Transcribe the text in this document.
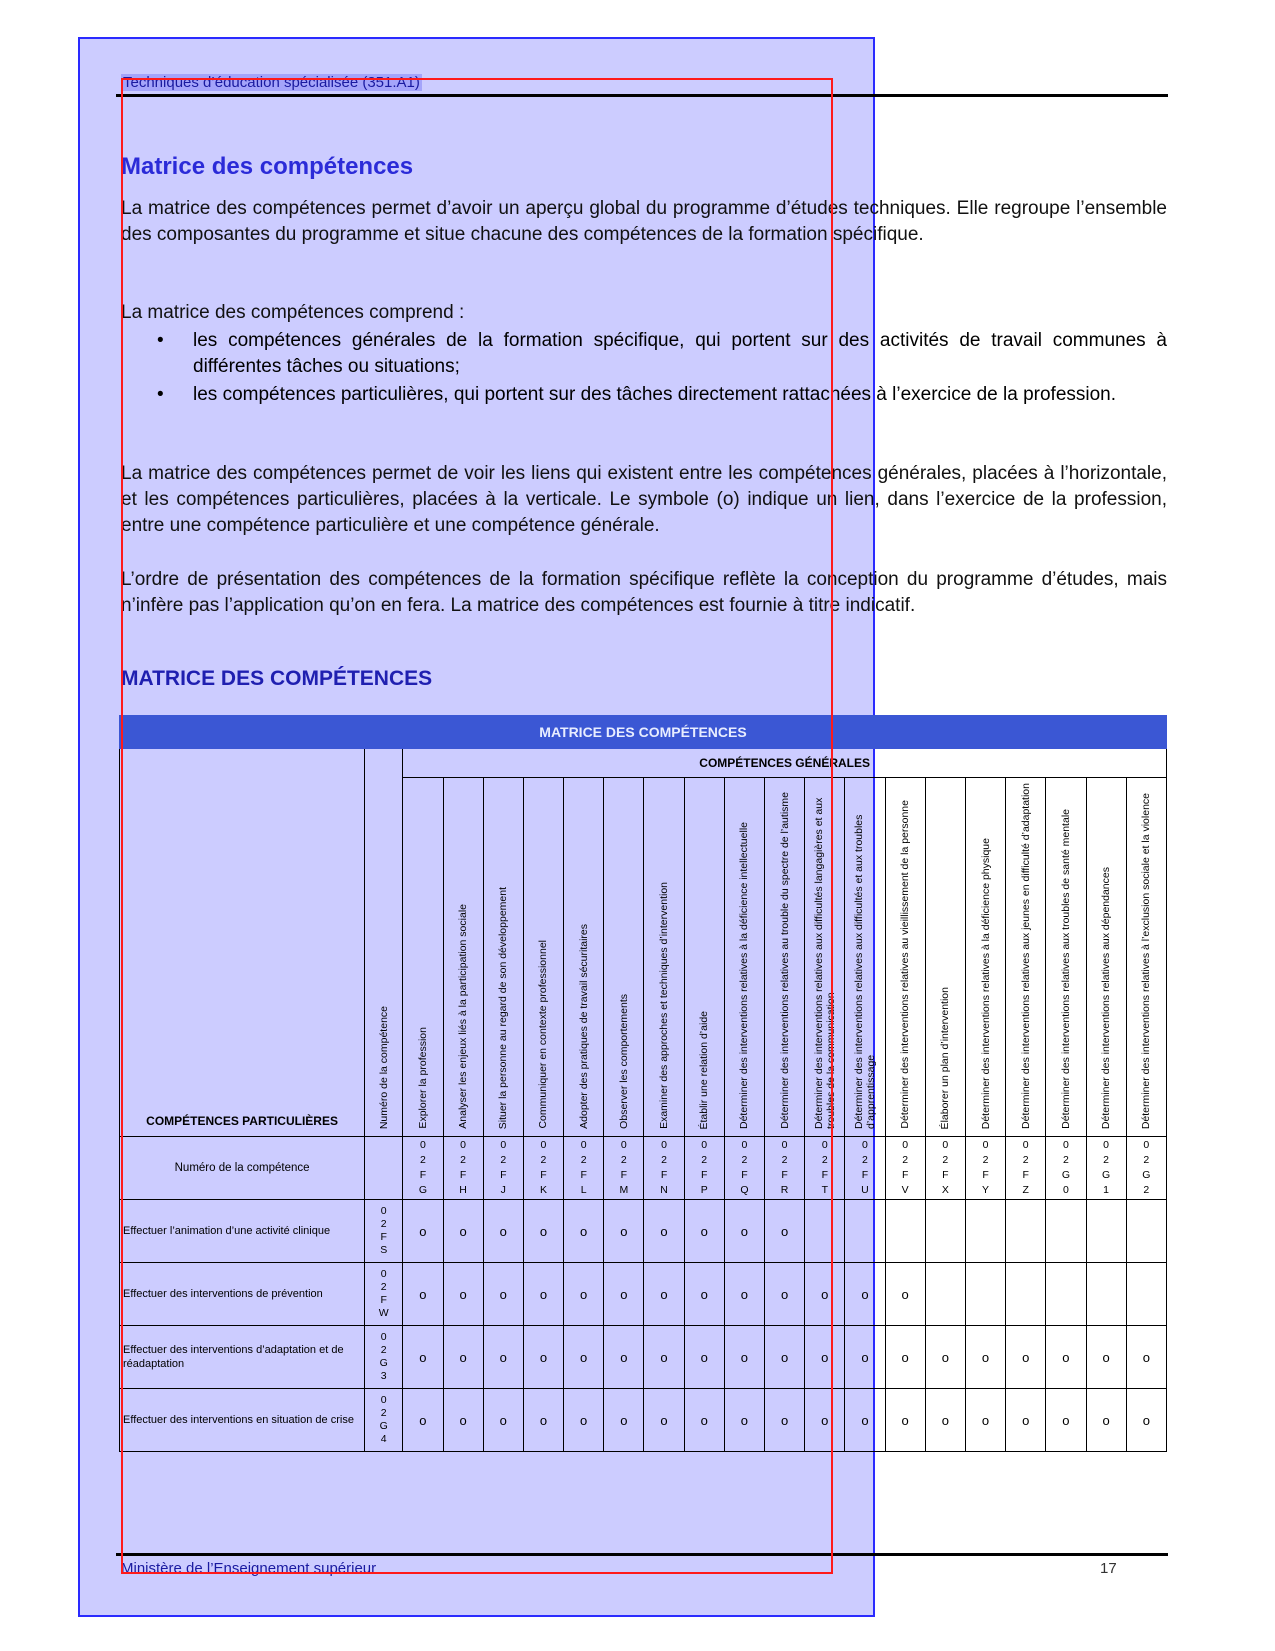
Techniques d’éducation spécialisée (351.A1)
Matrice des compétences

La matrice des compétences permet d’avoir un aperçu global du programme d’études techniques. Elle regroupe l’ensemble des composantes du programme et situe chacune des compétences de la formation spécifique.

La matrice des compétences comprend :

• les compétences générales de la formation spécifique, qui portent sur des activités de travail communes à différentes tâches ou situations;
• les compétences particulières, qui portent sur des tâches directement rattachées à l’exercice de la profession.

La matrice des compétences permet de voir les liens qui existent entre les compétences générales, placées à l’horizontale, et les compétences particulières, placées à la verticale. Le symbole (o) indique un lien, dans l’exercice de la profession, entre une compétence particulière et une compétence générale.

L’ordre de présentation des compétences de la formation spécifique reflète la conception du programme d’études, mais n’infère pas l’application qu’on en fera. La matrice des compétences est fournie à titre indicatif.

MATRICE DES COMPÉTENCES
MATRICE DES COMPÉTENCES																				
COMPÉTENCES PARTICULIÈRES	Numéro de la compétence	COMPÉTENCES GÉNÉRALES																		
		Explorer la profession	Analyser les enjeux liés à la participation sociale	Situer la personne au regard de son développement	Communiquer en contexte professionnel	Adopter des pratiques de travail sécuritaires	Observer les comportements	Examiner des approches et techniques d’intervention	Établir une relation d’aide	Déterminer des interventions relatives à la déficience intellectuelle	Déterminer des interventions relatives au trouble du spectre de l’autisme	Déterminer des interventions relatives aux difficultés langagières et aux troubles de la communication	Déterminer des interventions relatives aux difficultés et aux troubles d’apprentissage	Déterminer des interventions relatives au vieillissement de la personne	Élaborer un plan d’intervention	Déterminer des interventions relatives à la déficience physique	Déterminer des interventions relatives aux jeunes en difficulté d’adaptation	Déterminer des interventions relatives aux troubles de santé mentale	Déterminer des interventions relatives aux dépendances	Déterminer des interventions relatives à l’exclusion sociale et la violence
Numéro de la compétence		0
2
F
G	0
2
F
H	0
2
F
J	0
2
F
K	0
2
F
L	0
2
F
M	0
2
F
N	0
2
F
P	0
2
F
Q	0
2
F
R	0
2
F
T	0
2
F
U	0
2
F
V	0
2
F
X	0
2
F
Y	0
2
F
Z	0
2
G
0	0
2
G
1	0
2
G
2
Effectuer l’animation d’une activité clinique	0
2
F
S	o	o	o	o	o	o	o	o	o	o									
Effectuer des interventions de prévention	0
2
F
W	o	o	o	o	o	o	o	o	o	o	o	o	o						
Effectuer des interventions d’adaptation et de réadaptation	0
2
G
3	o	o	o	o	o	o	o	o	o	o	o	o	o	o	o	o	o	o	o
Effectuer des interventions en situation de crise	0
2
G
4	o	o	o	o	o	o	o	o	o	o	o	o	o	o	o	o	o	o	o
Ministère de l’Enseignement supérieur	17
